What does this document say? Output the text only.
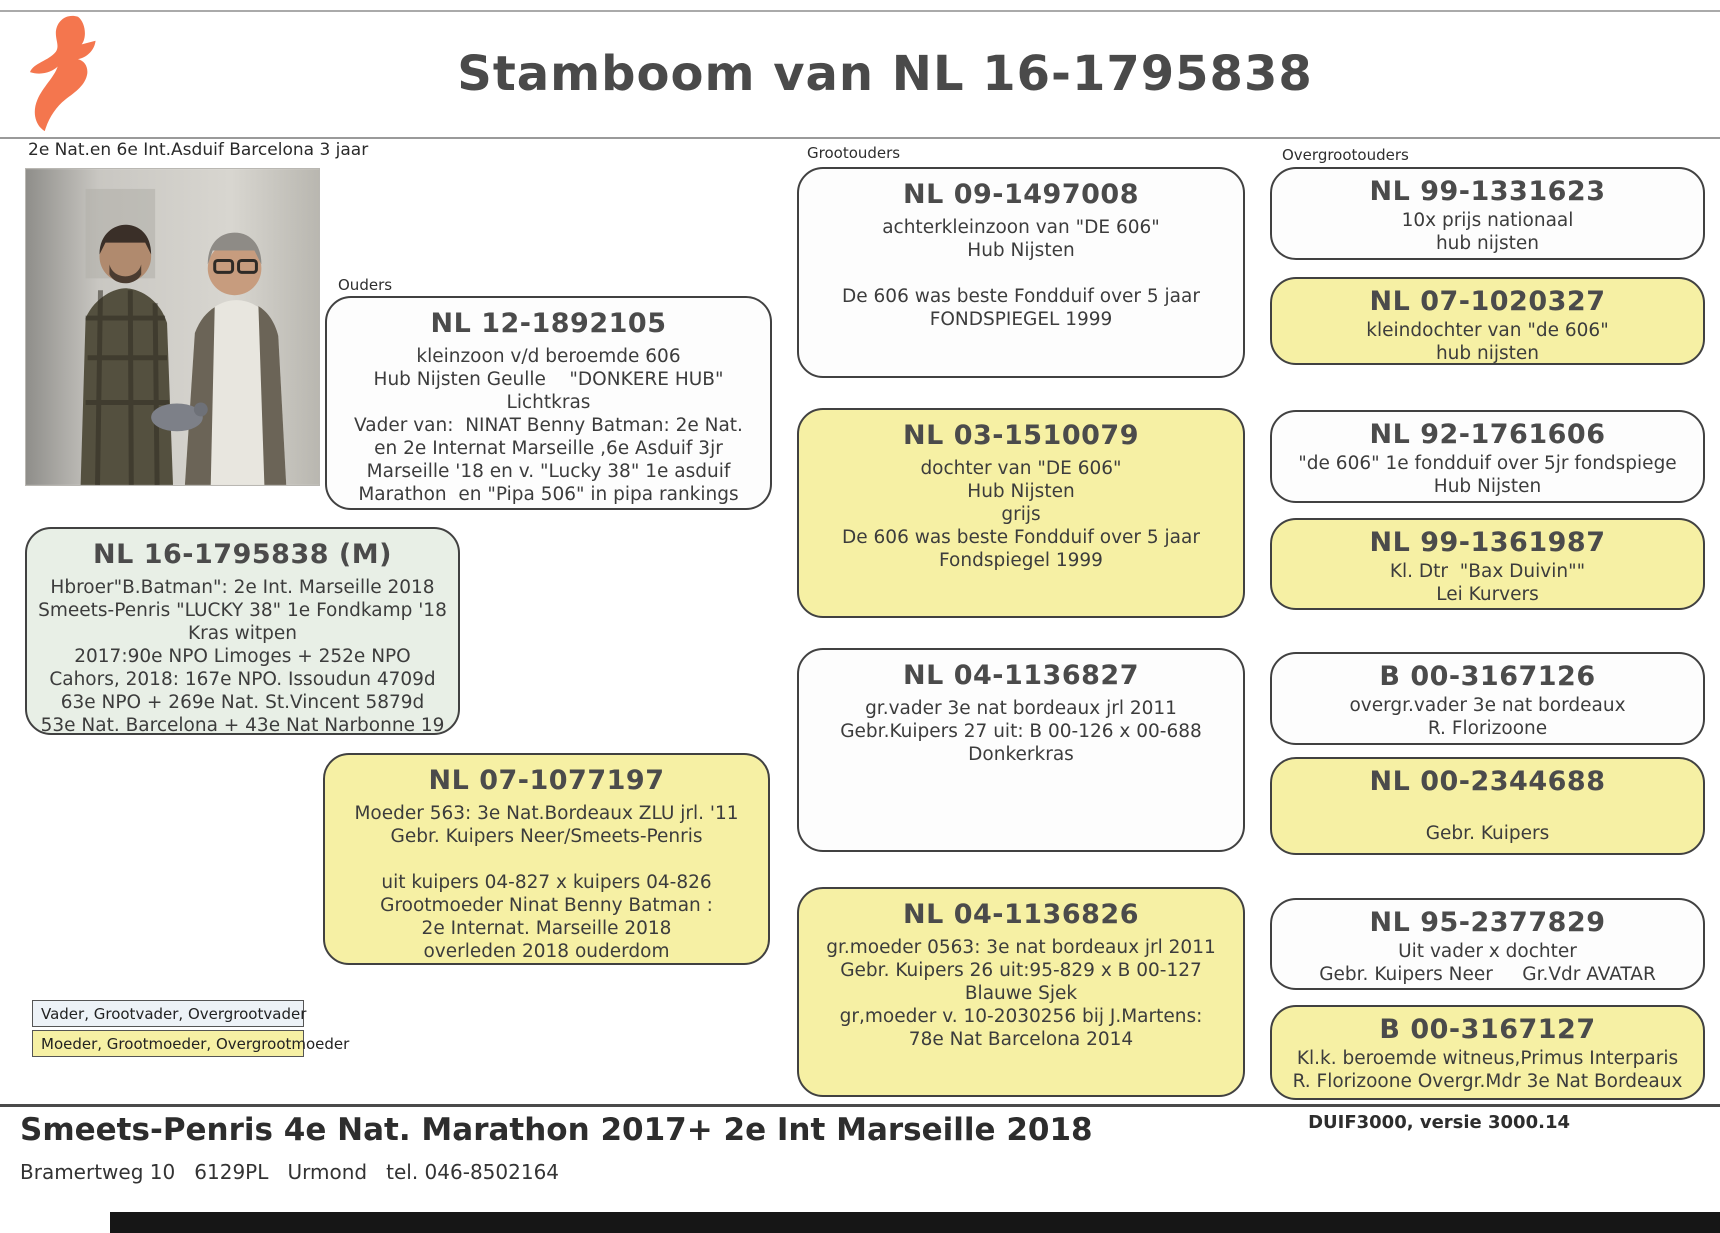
Stamboom van NL 16-1795838
2e Nat.en 6e Int.Asduif Barcelona 3 jaar
Ouders
Grootouders	Overgrootouders
NL 16-1795838 (M)
Hbroer"B.Batman": 2e Int. Marseille 2018
Smeets-Penris "LUCKY 38" 1e Fondkamp '18
Kras witpen
2017:90e NPO Limoges + 252e NPO
Cahors, 2018: 167e NPO. Issoudun 4709d
63e NPO + 269e Nat. St.Vincent 5879d
53e Nat. Barcelona + 43e Nat Narbonne 19
NL 12-1892105
kleinzoon v/d beroemde 606
Hub Nijsten Geulle    "DONKERE HUB"
Lichtkras
Vader van:  NINAT Benny Batman: 2e Nat.
en 2e Internat Marseille ,6e Asduif 3jr
Marseille '18 en v. "Lucky 38" 1e asduif
Marathon  en "Pipa 506" in pipa rankings
NL 07-1077197
Moeder 563: 3e Nat.Bordeaux ZLU jrl. '11
Gebr. Kuipers Neer/Smeets-Penris
uit kuipers 04-827 x kuipers 04-826
Grootmoeder Ninat Benny Batman :
2e Internat. Marseille 2018
overleden 2018 ouderdom
NL 09-1497008
achterkleinzoon van "DE 606"
Hub Nijsten
De 606 was beste Fondduif over 5 jaar
FONDSPIEGEL 1999
NL 03-1510079
dochter van "DE 606"
Hub Nijsten
grijs
De 606 was beste Fondduif over 5 jaar
Fondspiegel 1999
NL 04-1136827
gr.vader 3e nat bordeaux jrl 2011
Gebr.Kuipers 27 uit: B 00-126 x 00-688
Donkerkras
NL 04-1136826
gr.moeder 0563: 3e nat bordeaux jrl 2011
Gebr. Kuipers 26 uit:95-829 x B 00-127
Blauwe Sjek
gr,moeder v. 10-2030256 bij J.Martens:
78e Nat Barcelona 2014
NL 99-1331623
10x prijs nationaal
hub nijsten
NL 07-1020327
kleindochter van "de 606"
hub nijsten
NL 92-1761606
"de 606" 1e fondduif over 5jr fondspiege
Hub Nijsten
NL 99-1361987
Kl. Dtr  "Bax Duivin""
Lei Kurvers
B 00-3167126
overgr.vader 3e nat bordeaux
R. Florizoone
NL 00-2344688
Gebr. Kuipers
NL 95-2377829
Uit vader x dochter
Gebr. Kuipers Neer     Gr.Vdr AVATAR
B 00-3167127
Kl.k. beroemde witneus,Primus Interparis
R. Florizoone Overgr.Mdr 3e Nat Bordeaux
Vader, Grootvader, Overgrootvader
Moeder, Grootmoeder, Overgrootmoeder
Smeets-Penris 4e Nat. Marathon 2017+ 2e Int Marseille 2018	DUIF3000, versie 3000.14
Bramertweg 10   6129PL   Urmond   tel. 046-8502164
